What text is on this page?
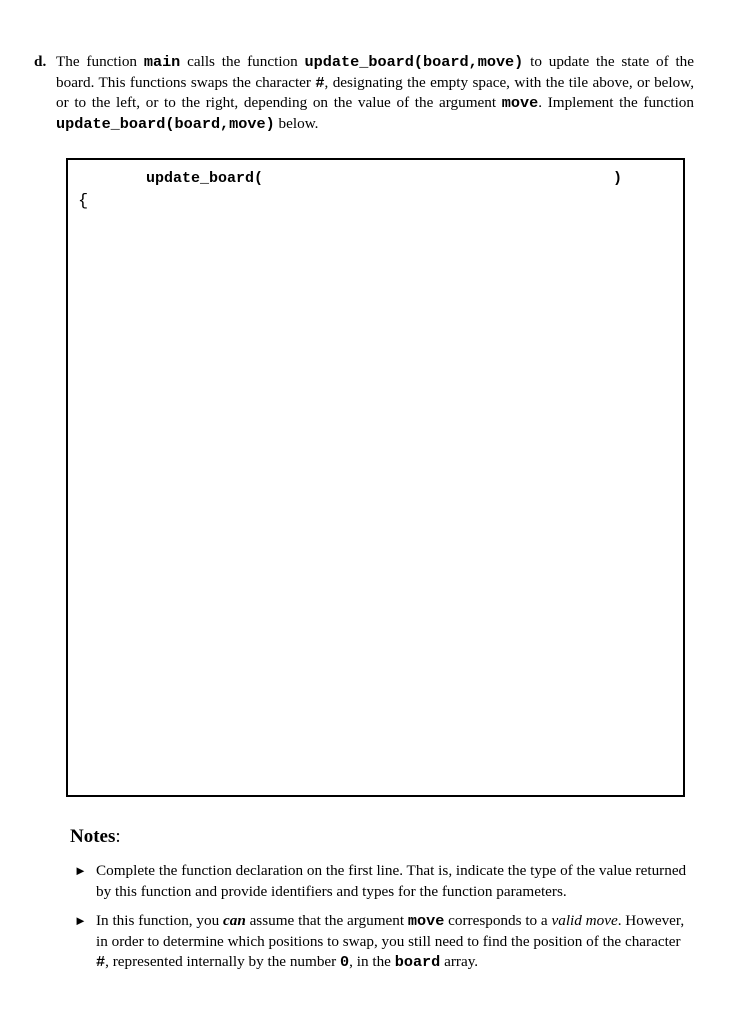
d. The function main calls the function update_board(board,move) to update the state of the board. This functions swaps the character #, designating the empty space, with the tile above, or below, or to the left, or to the right, depending on the value of the argument move. Implement the function update_board(board,move) below.
update_board(	)
{
Notes:
► Complete the function declaration on the first line. That is, indicate the type of the value returned by this function and provide identifiers and types for the function parameters.
► In this function, you can assume that the argument move corresponds to a valid move. However, in order to determine which positions to swap, you still need to find the position of the character #, represented internally by the number 0, in the board array.
